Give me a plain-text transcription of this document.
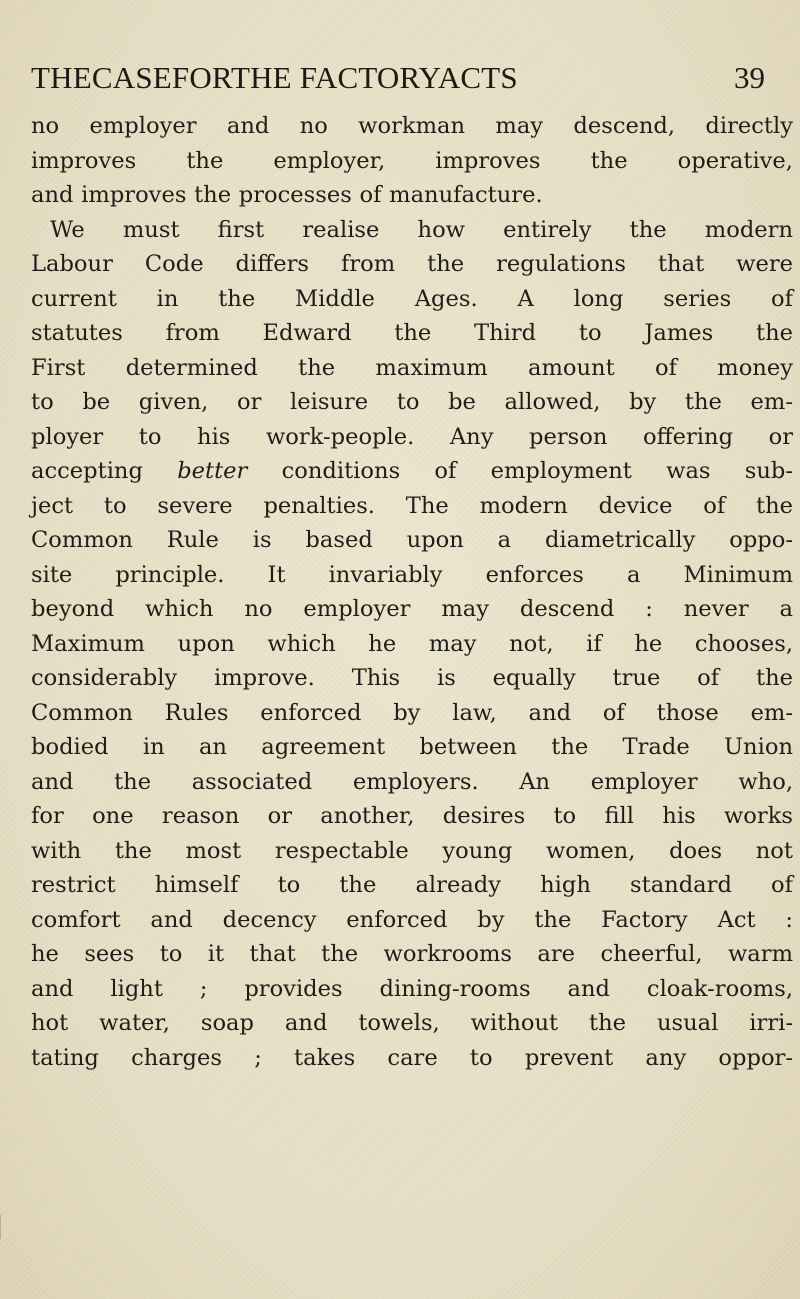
THECASEFORTHE FACTORYACTS	39
no employer and no workman may descend, directly
improves the employer, improves the operative,
and improves the processes of manufacture.
We must first realise how entirely the modern
Labour Code differs from the regulations that were
current in the Middle Ages. A long series of
statutes from Edward the Third to James the
First determined the maximum amount of money
to be given, or leisure to be allowed, by the em-
ployer to his work-people. Any person offering or
accepting better conditions of employment was sub-
ject to severe penalties. The modern device of the
Common Rule is based upon a diametrically oppo-
site principle. It invariably enforces a Minimum
beyond which no employer may descend : never a
Maximum upon which he may not, if he chooses,
considerably improve. This is equally true of the
Common Rules enforced by law, and of those em-
bodied in an agreement between the Trade Union
and the associated employers. An employer who,
for one reason or another, desires to fill his works
with the most respectable young women, does not
restrict himself to the already high standard of
comfort and decency enforced by the Factory Act :
he sees to it that the workrooms are cheerful, warm
and light ; provides dining-rooms and cloak-rooms,
hot water, soap and towels, without the usual irri-
tating charges ; takes care to prevent any oppor-
